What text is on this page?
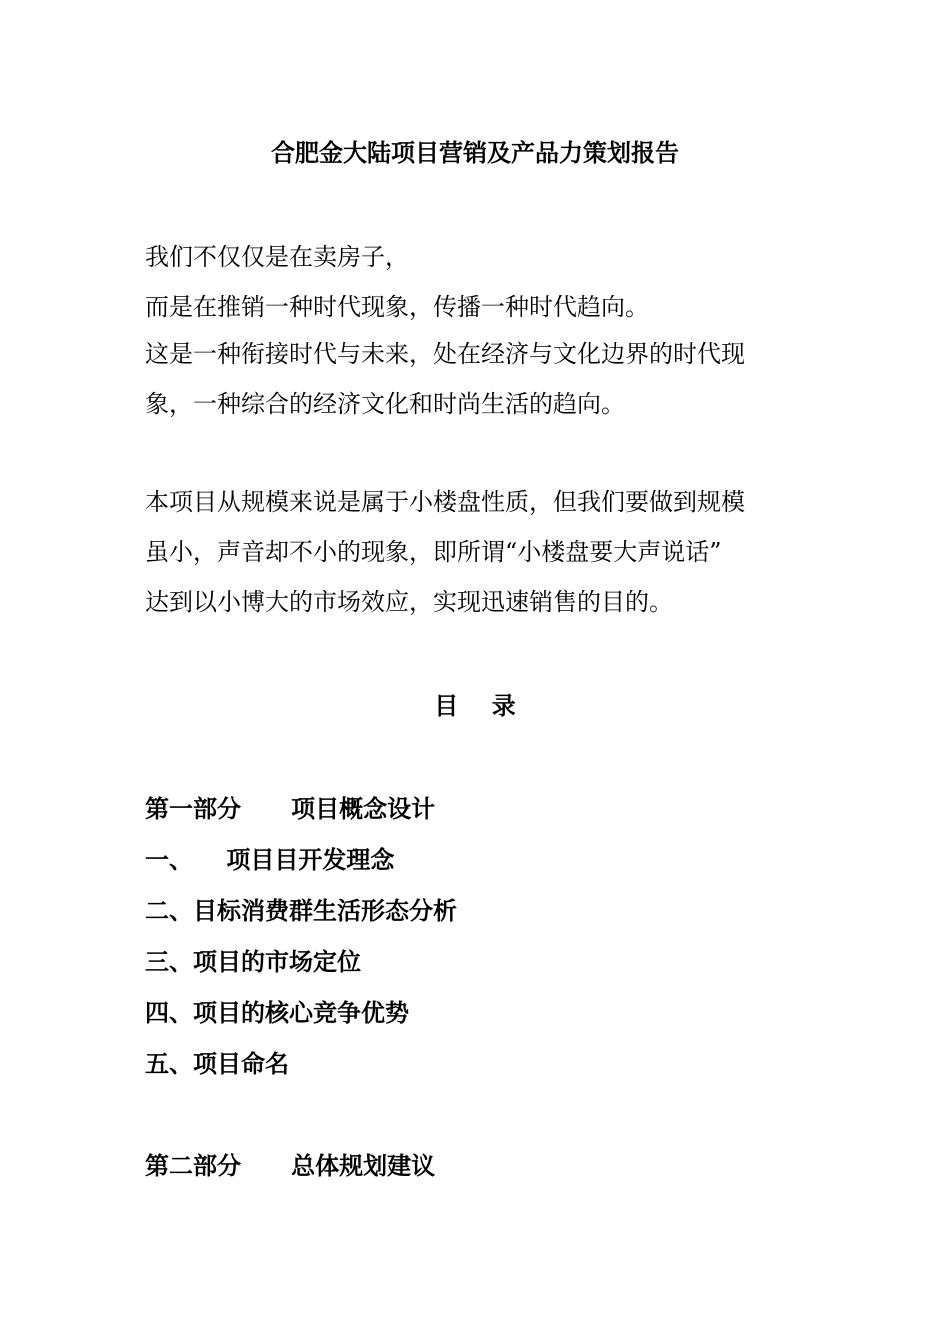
合肥金大陆项目营销及产品力策划报告
我们不仅仅是在卖房子，
而是在推销一种时代现象，传播一种时代趋向。
这是一种衔接时代与未来，处在经济与文化边界的时代现
象，一种综合的经济文化和时尚生活的趋向。
本项目从规模来说是属于小楼盘性质，但我们要做到规模
虽小，声音却不小的现象，即所谓“小楼盘要大声说话”
达到以小博大的市场效应，实现迅速销售的目的。
目    录
第一部分      项目概念设计
一、    项目目开发理念
二、目标消费群生活形态分析
三、项目的市场定位
四、项目的核心竞争优势
五、项目命名
第二部分      总体规划建议
